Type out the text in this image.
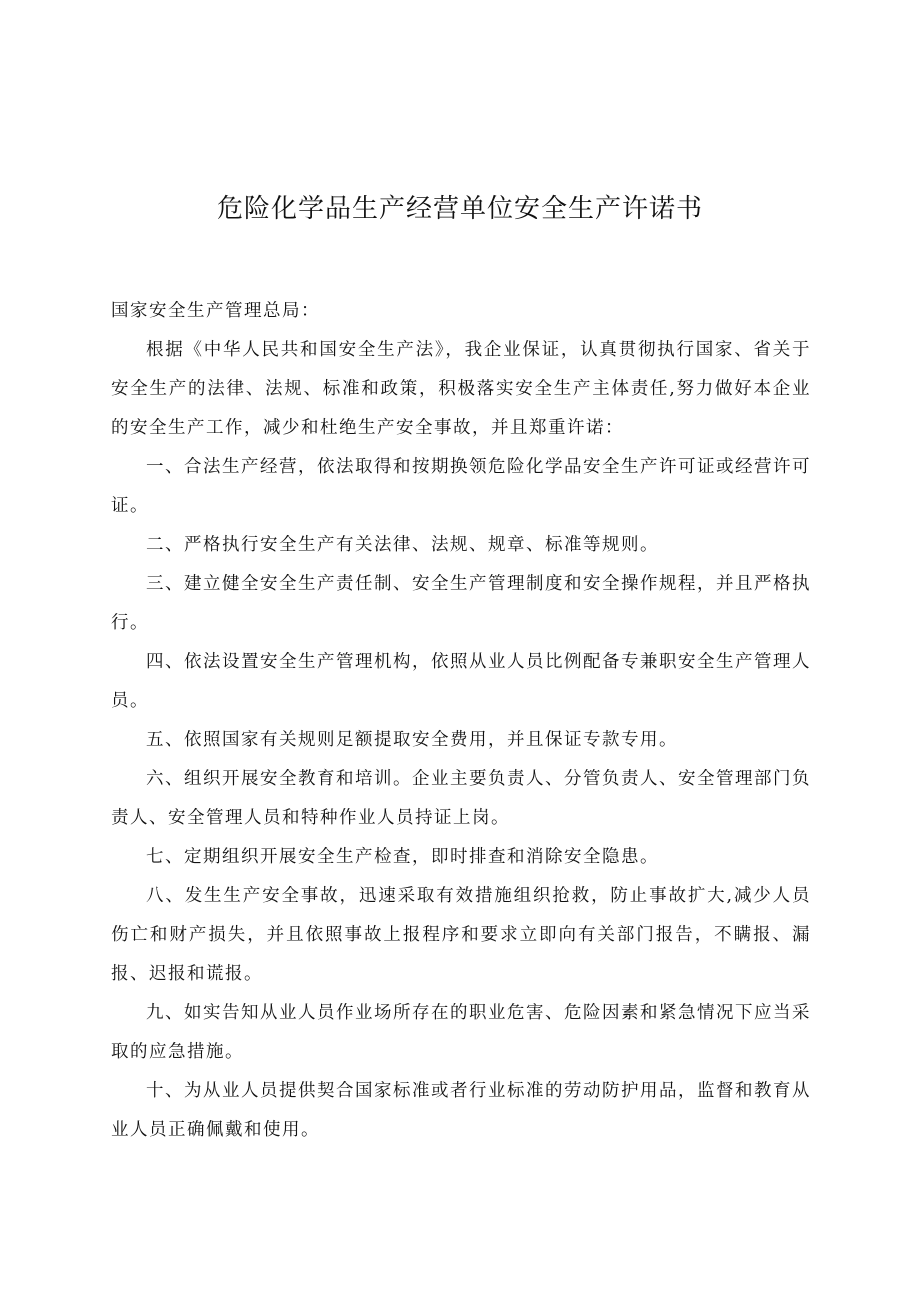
危险化学品生产经营单位安全生产许诺书

国家安全生产管理总局：

根据《中华人民共和国安全生产法》，我企业保证，认真贯彻执行国家、省关于安全生产的法律、法规、标准和政策，积极落实安全生产主体责任,努力做好本企业的安全生产工作，减少和杜绝生产安全事故，并且郑重许诺：

一、合法生产经营，依法取得和按期换领危险化学品安全生产许可证或经营许可证。

二、严格执行安全生产有关法律、法规、规章、标准等规则。

三、建立健全安全生产责任制、安全生产管理制度和安全操作规程，并且严格执行。

四、依法设置安全生产管理机构，依照从业人员比例配备专兼职安全生产管理人员。

五、依照国家有关规则足额提取安全费用，并且保证专款专用。

六、组织开展安全教育和培训。企业主要负责人、分管负责人、安全管理部门负责人、安全管理人员和特种作业人员持证上岗。

七、定期组织开展安全生产检查，即时排查和消除安全隐患。

八、发生生产安全事故，迅速采取有效措施组织抢救，防止事故扩大,减少人员伤亡和财产损失，并且依照事故上报程序和要求立即向有关部门报告，不瞒报、漏报、迟报和谎报。

九、如实告知从业人员作业场所存在的职业危害、危险因素和紧急情况下应当采取的应急措施。

十、为从业人员提供契合国家标准或者行业标准的劳动防护用品，监督和教育从业人员正确佩戴和使用。
